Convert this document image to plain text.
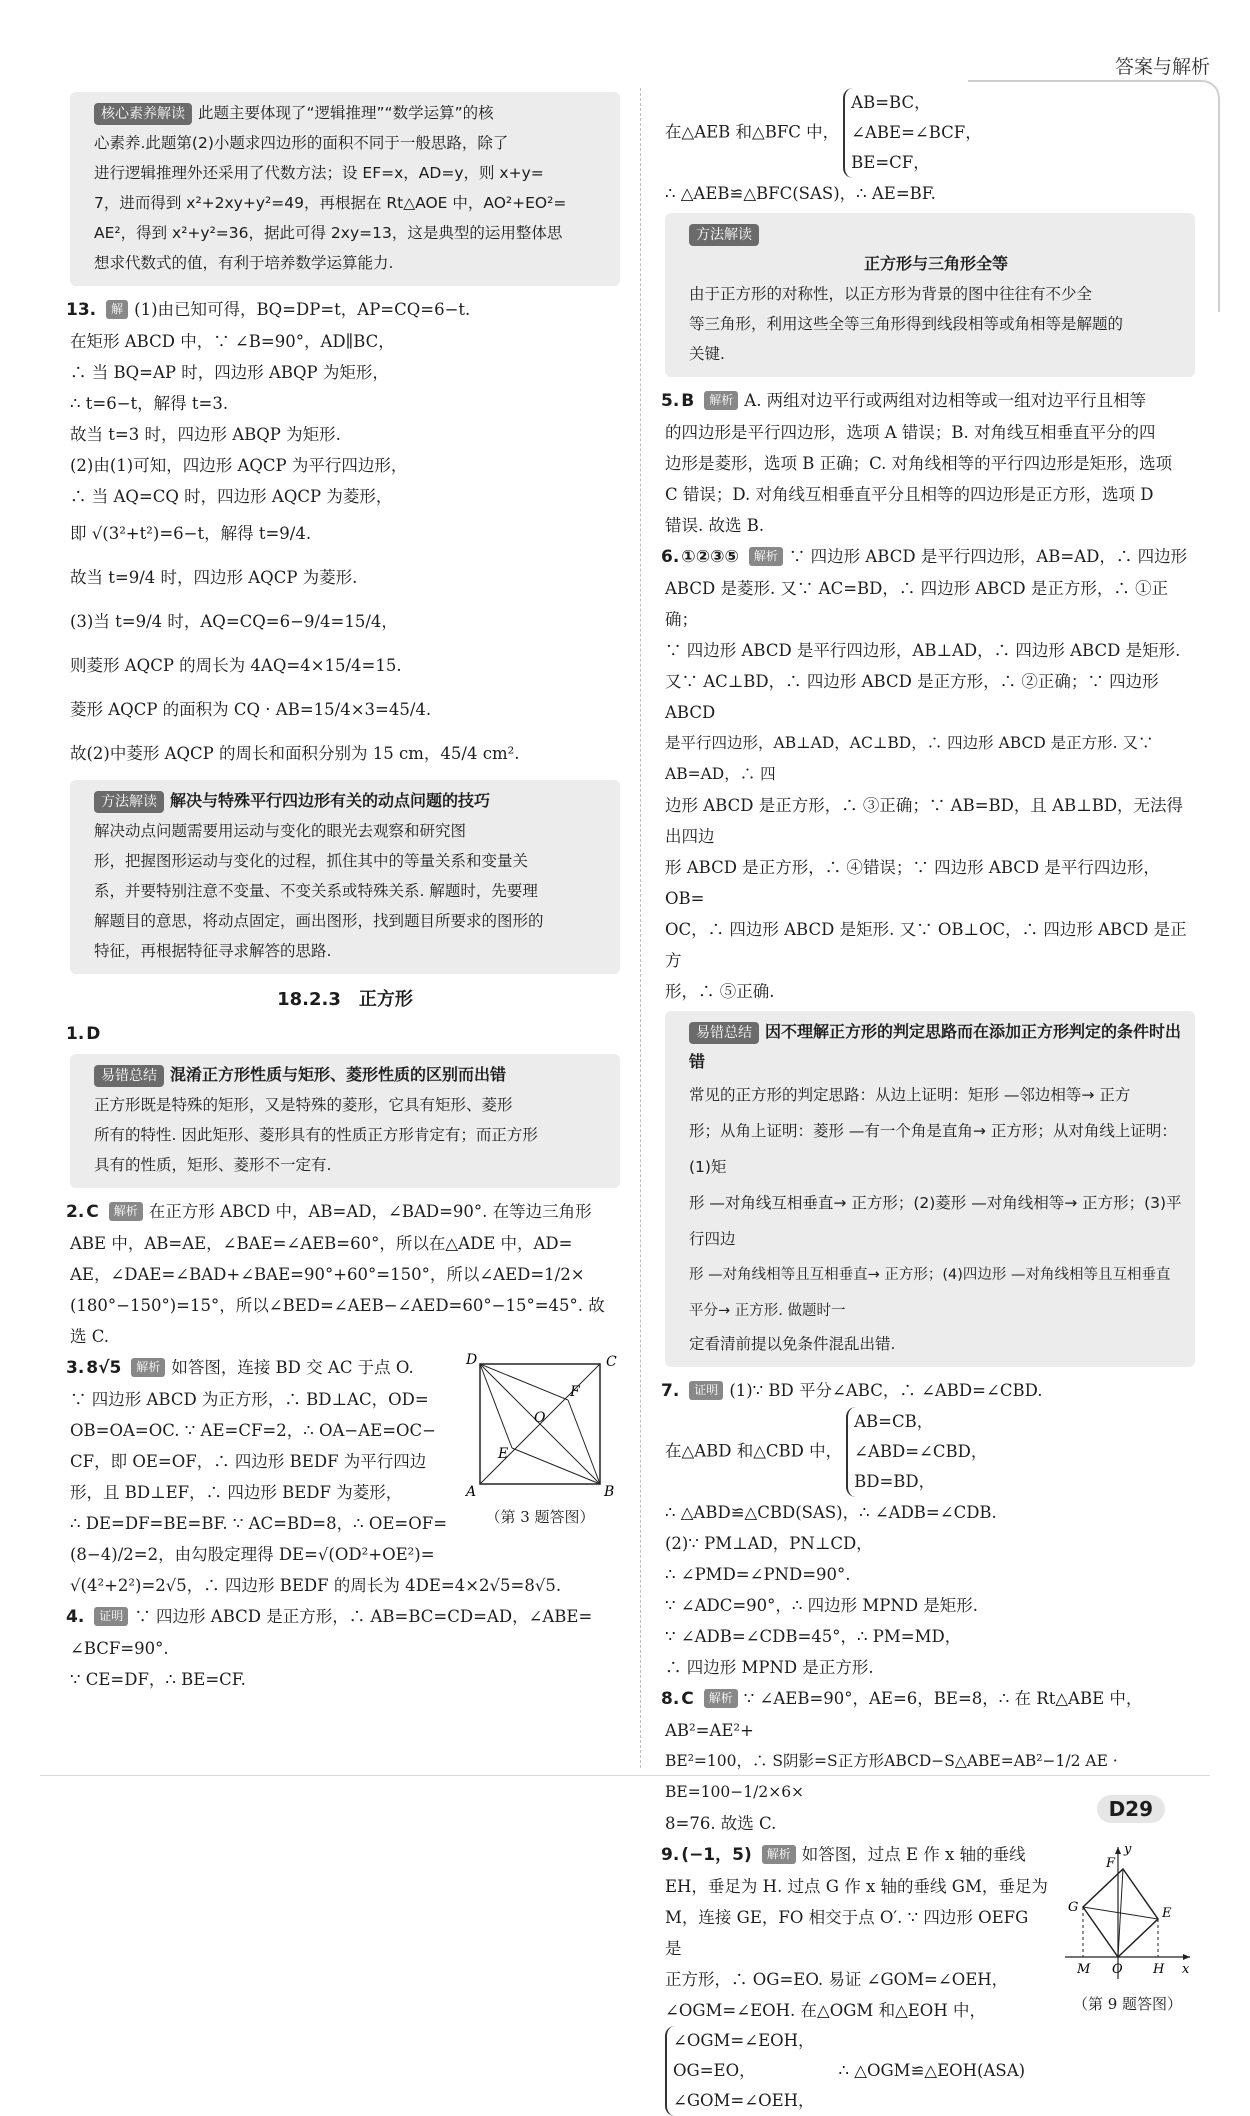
答案与解析

核心素养解读 此题主要体现了“逻辑推理”“数学运算”的核

心素养.此题第(2)小题求四边形的面积不同于一般思路，除了

进行逻辑推理外还采用了代数方法；设 EF=x，AD=y，则 x+y=

7，进而得到 x²+2xy+y²=49，再根据在 Rt△AOE 中，AO²+EO²=

AE²，得到 x²+y²=36，据此可得 2xy=13，这是典型的运用整体思

想求代数式的值，有利于培养数学运算能力.

13. 解 (1)由已知可得，BQ=DP=t，AP=CQ=6−t.

在矩形 ABCD 中，∵ ∠B=90°，AD∥BC，

∴ 当 BQ=AP 时，四边形 ABQP 为矩形，

∴ t=6−t，解得 t=3.

故当 t=3 时，四边形 ABQP 为矩形.

(2)由(1)可知，四边形 AQCP 为平行四边形，

∴ 当 AQ=CQ 时，四边形 AQCP 为菱形，

即 √(3²+t²)=6−t，解得 t=9/4.

故当 t=9/4 时，四边形 AQCP 为菱形.

(3)当 t=9/4 时，AQ=CQ=6−9/4=15/4，

则菱形 AQCP 的周长为 4AQ=4×15/4=15.

菱形 AQCP 的面积为 CQ · AB=15/4×3=45/4.

故(2)中菱形 AQCP 的周长和面积分别为 15 cm，45/4 cm².

方法解读 解决与特殊平行四边形有关的动点问题的技巧

解决动点问题需要用运动与变化的眼光去观察和研究图

形，把握图形运动与变化的过程，抓住其中的等量关系和变量关

系，并要特别注意不变量、不变关系或特殊关系. 解题时，先要理

解题目的意思，将动点固定，画出图形，找到题目所要求的图形的

特征，再根据特征寻求解答的思路.

18.2.3　正方形

1. D

易错总结 混淆正方形性质与矩形、菱形性质的区别而出错

正方形既是特殊的矩形，又是特殊的菱形，它具有矩形、菱形

所有的特性. 因此矩形、菱形具有的性质正方形肯定有；而正方形

具有的性质，矩形、菱形不一定有.

2. C 解析 在正方形 ABCD 中，AB=AD，∠BAD=90°. 在等边三角形

ABE 中，AB=AE，∠BAE=∠AEB=60°，所以在△ADE 中，AD=

AE，∠DAE=∠BAD+∠BAE=90°+60°=150°，所以∠AED=1/2×

(180°−150°)=15°，所以∠BED=∠AEB−∠AED=60°−15°=45°. 故选 C.

3. 8√5 解析 如答图，连接 BD 交 AC 于点 O.

∵ 四边形 ABCD 为正方形，∴ BD⊥AC，OD=

OB=OA=OC. ∵ AE=CF=2，∴ OA−AE=OC−

CF，即 OE=OF，∴ 四边形 BEDF 为平行四边

形，且 BD⊥EF，∴ 四边形 BEDF 为菱形，

∴ DE=DF=BE=BF. ∵ AC=BD=8，∴ OE=OF=

(8−4)/2=2，由勾股定理得 DE=√(OD²+OE²)=

√(4²+2²)=2√5，∴ 四边形 BEDF 的周长为 4DE=4×2√5=8√5.

D	C
F
O
E
A	B
（第 3 题答图）

4. 证明 ∵ 四边形 ABCD 是正方形，∴ AB=BC=CD=AD，∠ABE=

∠BCF=90°.

∵ CE=DF，∴ BE=CF.

在△AEB 和△BFC 中，
AB=BC，
∠ABE=∠BCF，
BE=CF，

∴ △AEB≌△BFC(SAS)，∴ AE=BF.

方法解读

正方形与三角形全等

由于正方形的对称性，以正方形为背景的图中往往有不少全

等三角形，利用这些全等三角形得到线段相等或角相等是解题的

关键.

5. B 解析 A. 两组对边平行或两组对边相等或一组对边平行且相等

的四边形是平行四边形，选项 A 错误；B. 对角线互相垂直平分的四

边形是菱形，选项 B 正确；C. 对角线相等的平行四边形是矩形，选项

C 错误；D. 对角线互相垂直平分且相等的四边形是正方形，选项 D

错误. 故选 B.

6. ①②③⑤ 解析 ∵ 四边形 ABCD 是平行四边形，AB=AD，∴ 四边形

ABCD 是菱形. 又∵ AC=BD，∴ 四边形 ABCD 是正方形，∴ ①正确；

∵ 四边形 ABCD 是平行四边形，AB⊥AD，∴ 四边形 ABCD 是矩形.

又∵ AC⊥BD，∴ 四边形 ABCD 是正方形，∴ ②正确；∵ 四边形 ABCD

是平行四边形，AB⊥AD，AC⊥BD，∴ 四边形 ABCD 是正方形. 又∵ AB=AD，∴ 四

边形 ABCD 是正方形，∴ ③正确；∵ AB=BD，且 AB⊥BD，无法得出四边

形 ABCD 是正方形，∴ ④错误；∵ 四边形 ABCD 是平行四边形，OB=

OC，∴ 四边形 ABCD 是矩形. 又∵ OB⊥OC，∴ 四边形 ABCD 是正方

形，∴ ⑤正确.

易错总结 因不理解正方形的判定思路而在添加正方形判定的条件时出错

常见的正方形的判定思路：从边上证明：矩形 —邻边相等→ 正方

形；从角上证明：菱形 —有一个角是直角→ 正方形；从对角线上证明：(1)矩

形 —对角线互相垂直→ 正方形；(2)菱形 —对角线相等→ 正方形；(3)平行四边

形 —对角线相等且互相垂直→ 正方形；(4)四边形 —对角线相等且互相垂直平分→ 正方形. 做题时一

定看清前提以免条件混乱出错.

7. 证明 (1)∵ BD 平分∠ABC，∴ ∠ABD=∠CBD.

在△ABD 和△CBD 中，
AB=CB，
∠ABD=∠CBD，
BD=BD，

∴ △ABD≌△CBD(SAS)，∴ ∠ADB=∠CDB.

(2)∵ PM⊥AD，PN⊥CD，

∴ ∠PMD=∠PND=90°.

∵ ∠ADC=90°，∴ 四边形 MPND 是矩形.

∵ ∠ADB=∠CDB=45°，∴ PM=MD，

∴ 四边形 MPND 是正方形.

8. C 解析 ∵ ∠AEB=90°，AE=6，BE=8，∴ 在 Rt△ABE 中，AB²=AE²+

BE²=100，∴ S阴影=S正方形ABCD−S△ABE=AB²−1/2 AE · BE=100−1/2×6×

8=76. 故选 C.

9. (−1，5) 解析 如答图，过点 E 作 x 轴的垂线

EH，垂足为 H. 过点 G 作 x 轴的垂线 GM，垂足为

M，连接 GE，FO 相交于点 O′. ∵ 四边形 OEFG 是

正方形，∴ OG=EO. 易证 ∠GOM=∠OEH，

∠OGM=∠EOH. 在△OGM 和△EOH 中，

∠OGM=∠EOH，
OG=EO，
∠GOM=∠OEH，
∴ △OGM≌△EOH(ASA)

y
F
E
G
M O H x
（第 9 题答图）
D29
